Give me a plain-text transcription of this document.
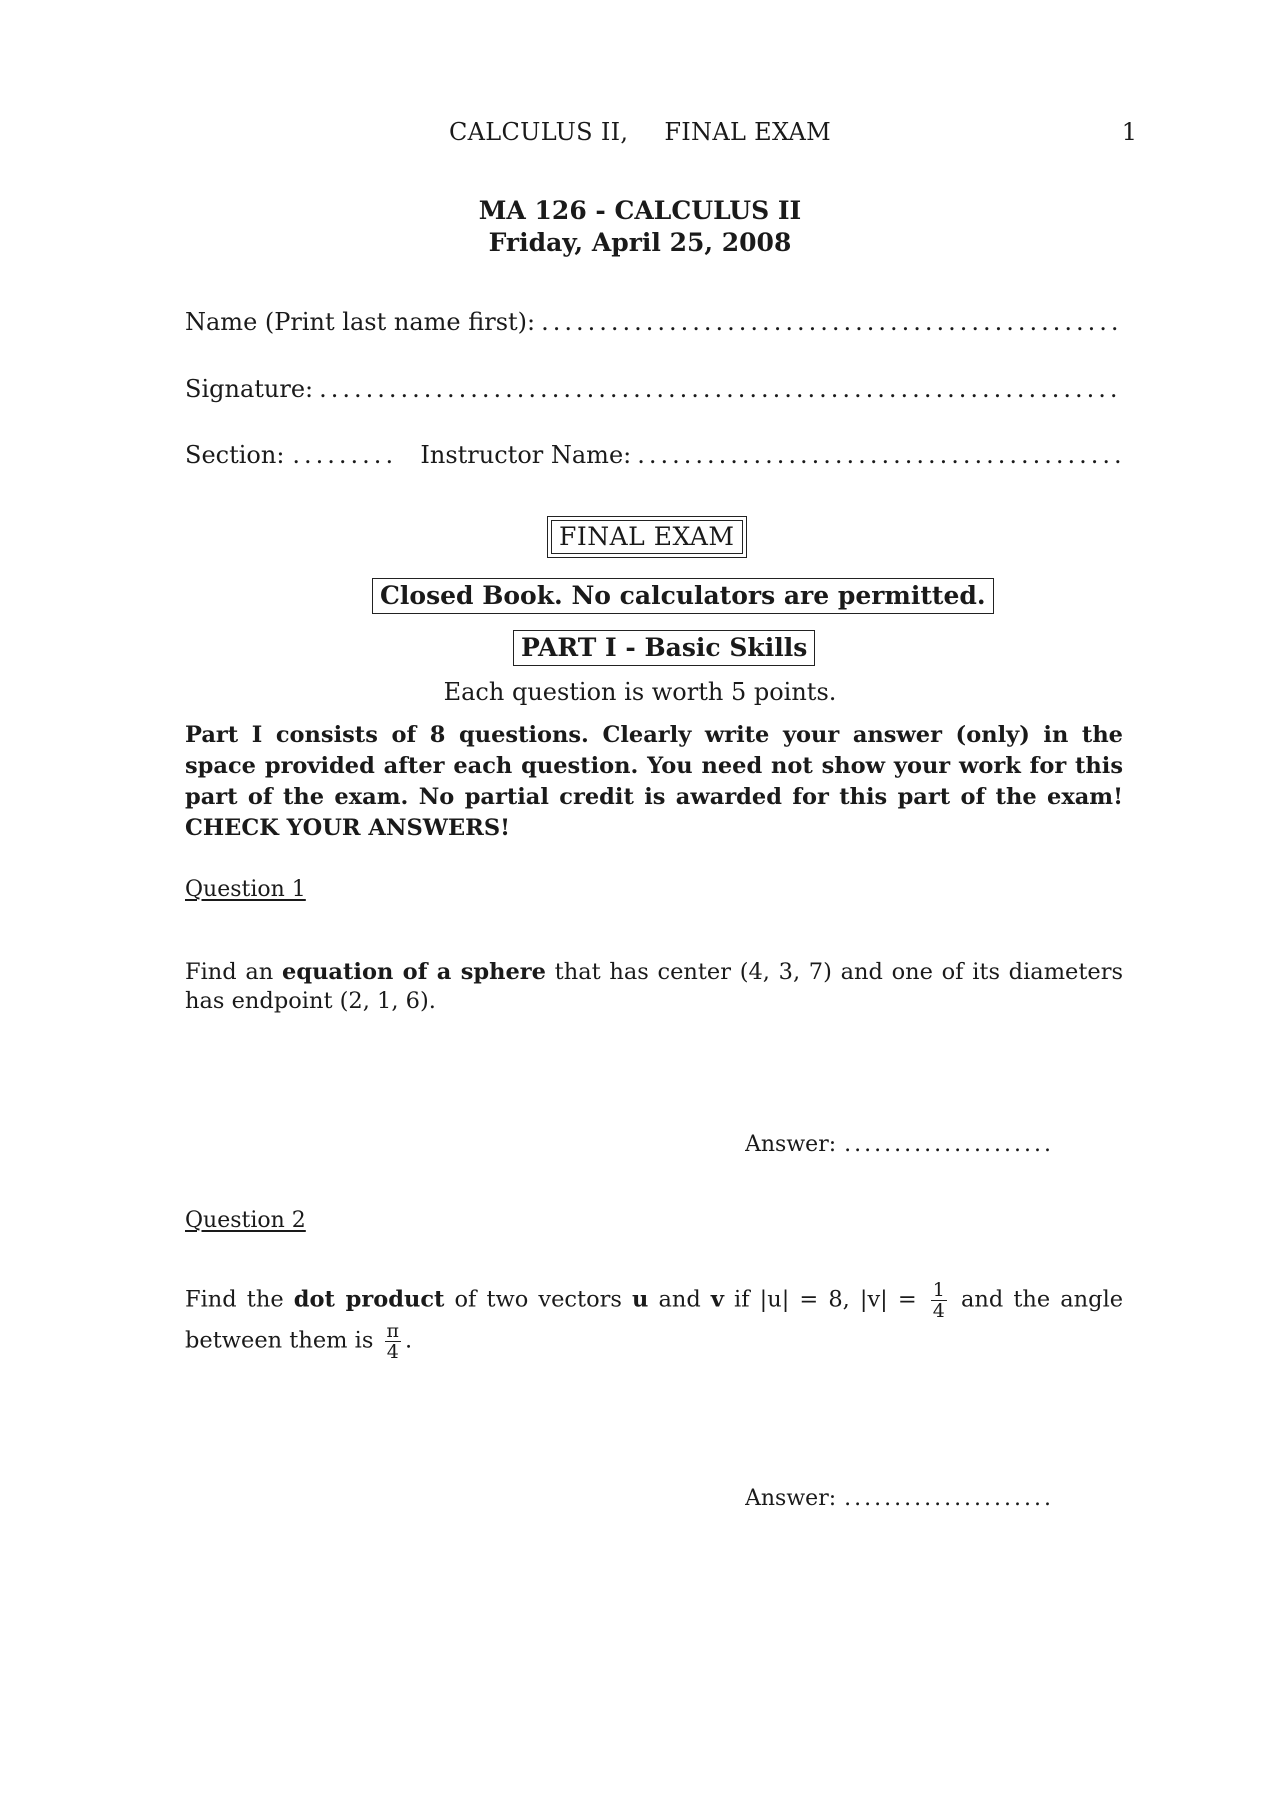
CALCULUS II, FINAL EXAM	1
MA 126 - CALCULUS II
Friday, April 25, 2008
Name (Print last name first):
.....
Signature:
.....
Section:
.....	Instructor Name:
.....
FINAL EXAM
Closed Book. No calculators are permitted.
PART I - Basic Skills
Each question is worth 5 points.
Part I consists of 8 questions. Clearly write your answer (only) in the space provided after each question. You need not show your work for this part of the exam. No partial credit is awarded for this part of the exam! CHECK YOUR ANSWERS!
Question 1
Find an equation of a sphere that has center (4, 3, 7) and one of its diameters has endpoint (2, 1, 6).
Answer:
.....
Question 2
Find the dot product of two vectors u and v if |u| = 8, $|v| = \frac{1}{4}$ and the angle between them is $\frac{\pi}{4}$ .
Answer:
.....
